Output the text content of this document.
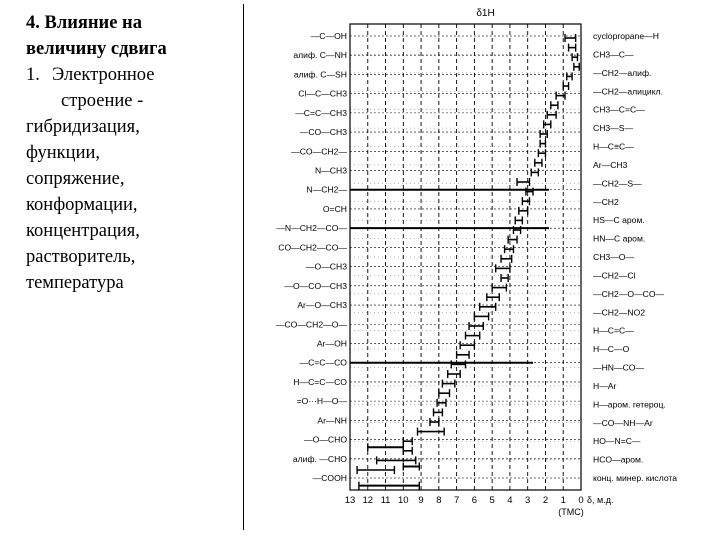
4. Влияние на
величину сдвига
1. Электронное
строение -
гибридизация,
функции,
сопряжение,
конформации,
концентрация,
растворитель,
температура
δ1H
—C—OH
алиф. C—NH
алиф. C—SH
Cl—C—CH3
—C=C—CH3
—CO—CH3
—CO—CH2—
N—CH3
N—CH2—
O=CH
—N—CH2—CO—
CO—CH2—CO—
—O—CH3
—O—CO—CH3
Ar—O—CH3
—CO—CH2—O—
Ar—OH
—C=C—CO
H—C=C—CO
=O···H—O—
Ar—NH
—O—CHO
алиф. —CHO
—COOH
cyclopropane—H
CH3—C—
—CH2—алиф.
—CH2—алицикл.
CH3—C=C—
CH3—S—
H—C≡C—
Ar—CH3
—CH2—S—
—CH2
HS—C аром.
HN—C аром.
CH3—O—
—CH2—Cl
—CH2—O—CO—
—CH2—NO2
H—C=C—
H—C—O
—HN—CO—
H—Ar
H—аром. гетероц.
—CO—NH—Ar
HO—N=C—
HCO—аром.
конц. минер. кислота
13 12 11 10 9 8 7 6 5 4 3 2 1 0 δ, м.д.
(ТМС)
